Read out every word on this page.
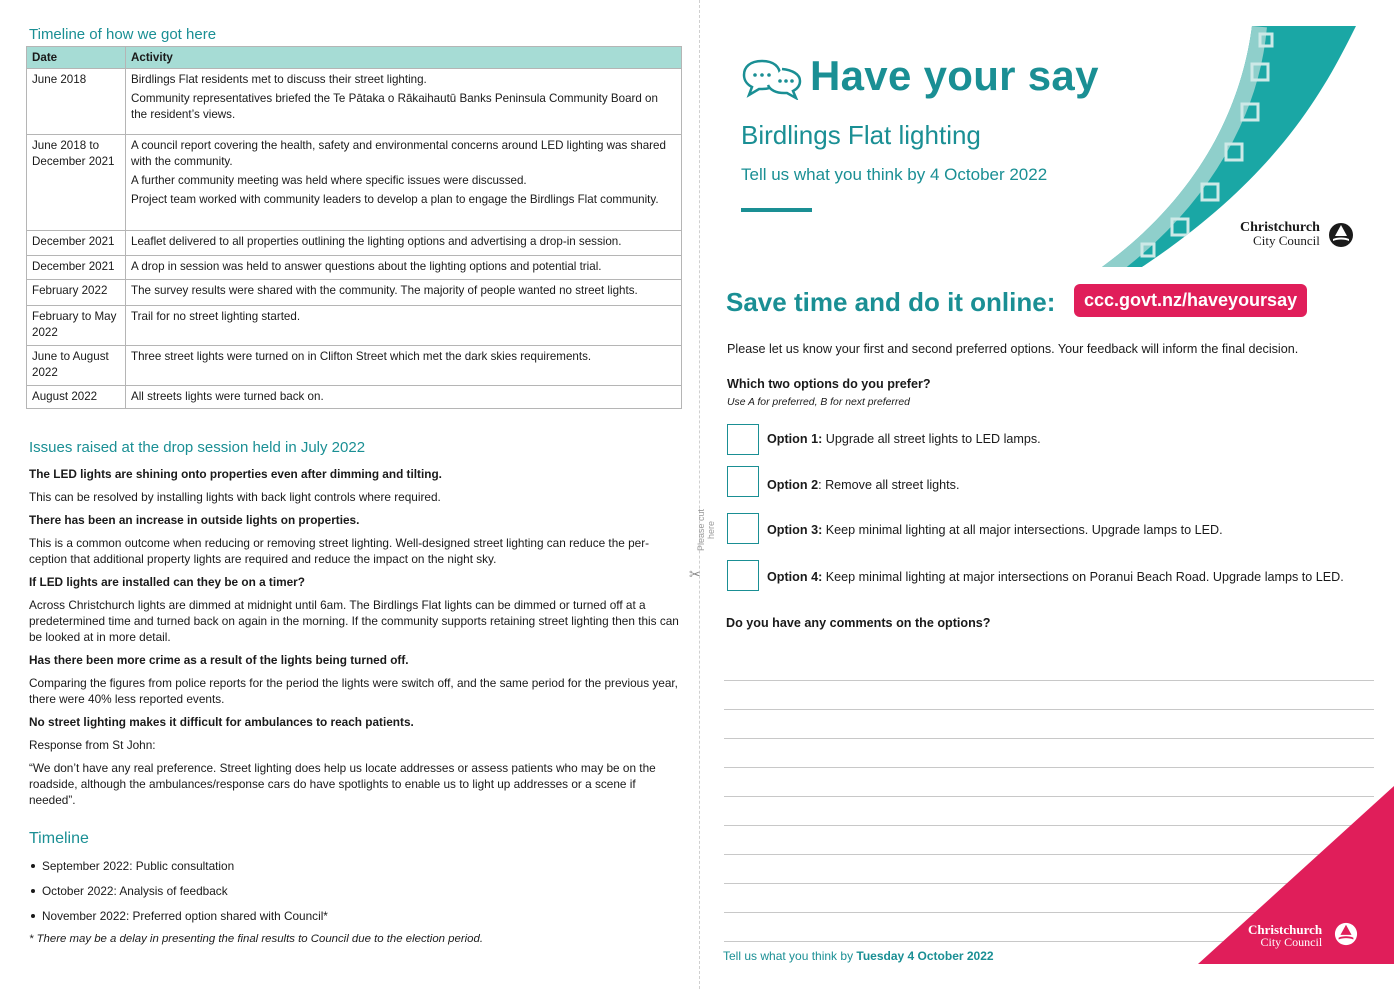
Timeline of how we got here
Date	Activity
June 2018	Birdlings Flat residents met to discuss their street lighting.

Community representatives briefed the Te Pātaka o Rākaihautū Banks Peninsula Community Board on the resident’s views.

June 2018 to December 2021	A council report covering the health, safety and environmental concerns around LED lighting was shared with the community.

A further community meeting was held where specific issues were discussed.

Project team worked with community leaders to develop a plan to engage the Birdlings Flat community.

December 2021	Leaflet delivered to all properties outlining the lighting options and advertising a drop-in session.

December 2021	A drop in session was held to answer questions about the lighting options and potential trial.

February 2022	The survey results were shared with the community. The majority of people wanted no street lights.

February to May 2022	Trail for no street lighting started.

June to August 2022	Three street lights were turned on in Clifton Street which met the dark skies requirements.

August 2022	All streets lights were turned back on.

Issues raised at the drop session held in July 2022

The LED lights are shining onto properties even after dimming and tilting.

This can be resolved by installing lights with back light controls where required.

There has been an increase in outside lights on properties.

This is a common outcome when reducing or removing street lighting. Well-designed street lighting can reduce the per-ception that additional property lights are required and reduce the impact on the night sky.

If LED lights are installed can they be on a timer?

Across Christchurch lights are dimmed at midnight until 6am. The Birdlings Flat lights can be dimmed or turned off at a predetermined time and turned back on again in the morning. If the community supports retaining street lighting then this can be looked at in more detail.

Has there been more crime as a result of the lights being turned off.

Comparing the figures from police reports for the period the lights were switch off, and the same period for the previous year, there were 40% less reported events.

No street lighting makes it difficult for ambulances to reach patients.

Response from St John:

“We don’t have any real preference. Street lighting does help us locate addresses or assess patients who may be on the roadside, although the ambulances/response cars do have spotlights to enable us to light up addresses or a scene if needed”.

Timeline
September 2022: Public consultation
October 2022: Analysis of feedback
November 2022: Preferred option shared with Council*

* There may be a delay in presenting the final results to Council due to the election period.

Please cut here
✂
Have your say
Birdlings Flat lighting
Tell us what you think by 4 October 2022
Christchurch
City Council
Save time and do it online:	ccc.govt.nz/haveyoursay
Please let us know your first and second preferred options. Your feedback will inform the final decision.
Which two options do you prefer?
Use A for preferred, B for next preferred
Option 1: Upgrade all street lights to LED lamps.
Option 2: Remove all street lights.
Option 3: Keep minimal lighting at all major intersections. Upgrade lamps to LED.
Option 4: Keep minimal lighting at major intersections on Poranui Beach Road. Upgrade lamps to LED.
Do you have any comments on the options?
Christchurch
City Council
Tell us what you think by Tuesday 4 October 2022
